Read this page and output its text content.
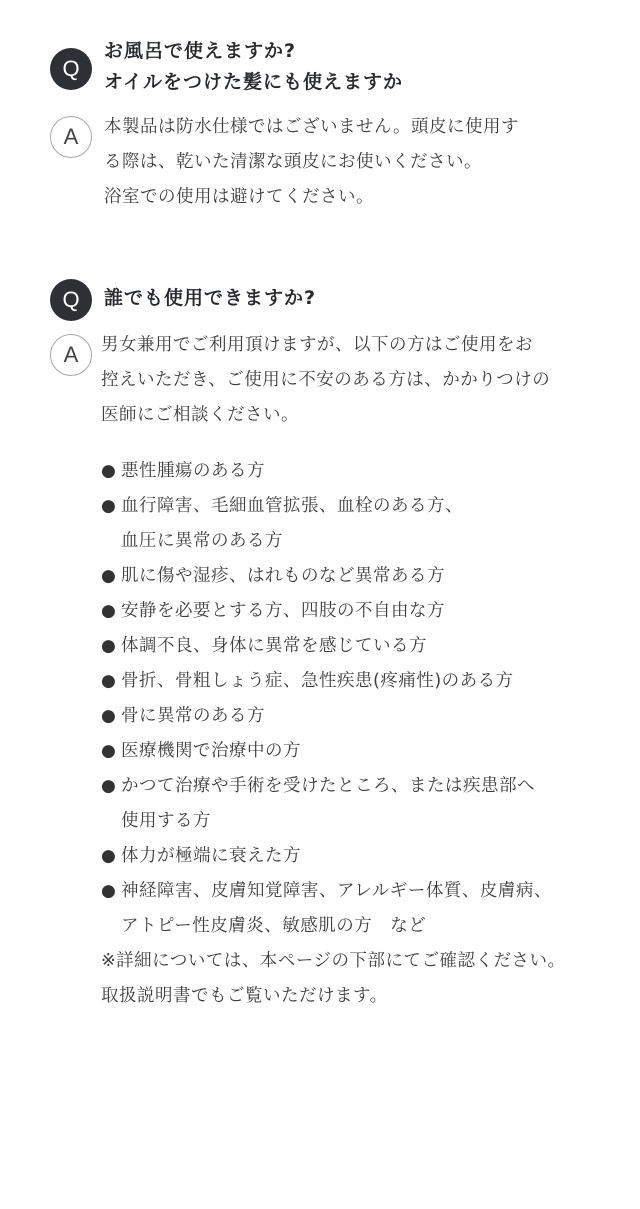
Q
お風呂で使えますか?
オイルをつけた髪にも使えますか
A	本製品は防水仕様ではございません。頭皮に使用す
る際は、乾いた清潔な頭皮にお使いください。
浴室での使用は避けてください。
Q	誰でも使用できますか?
A	男女兼用でご利用頂けますが、以下の方はご使用をお
控えいただき、ご使用に不安のある方は、かかりつけの
医師にご相談ください。
● 悪性腫瘍のある方
● 血行障害、毛細血管拡張、血栓のある方、
血圧に異常のある方
● 肌に傷や湿疹、はれものなど異常ある方
● 安静を必要とする方、四肢の不自由な方
● 体調不良、身体に異常を感じている方
● 骨折、骨粗しょう症、急性疾患(疼痛性)のある方
● 骨に異常のある方
● 医療機関で治療中の方
● かつて治療や手術を受けたところ、または疾患部へ
使用する方
● 体力が極端に衰えた方
● 神経障害、皮膚知覚障害、アレルギー体質、皮膚病、
アトピー性皮膚炎、敏感肌の方　など
※詳細については、本ページの下部にてご確認ください。
取扱説明書でもご覧いただけます。
